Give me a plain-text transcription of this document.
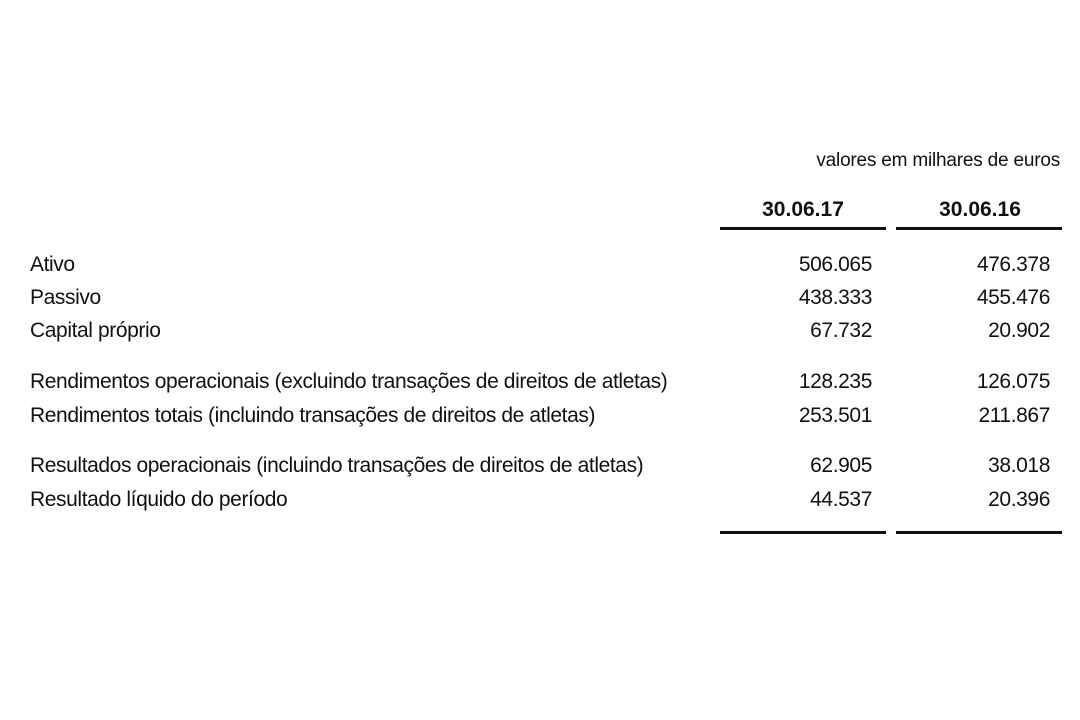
valores em milhares de euros
30.06.17	30.06.16
Ativo	506.065	476.378
Passivo	438.333	455.476
Capital próprio	67.732	20.902
Rendimentos operacionais (excluindo transações de direitos de atletas)	128.235	126.075
Rendimentos totais (incluindo transações de direitos de atletas)	253.501	211.867
Resultados operacionais (incluindo transações de direitos de atletas)	62.905	38.018
Resultado líquido do período	44.537	20.396
